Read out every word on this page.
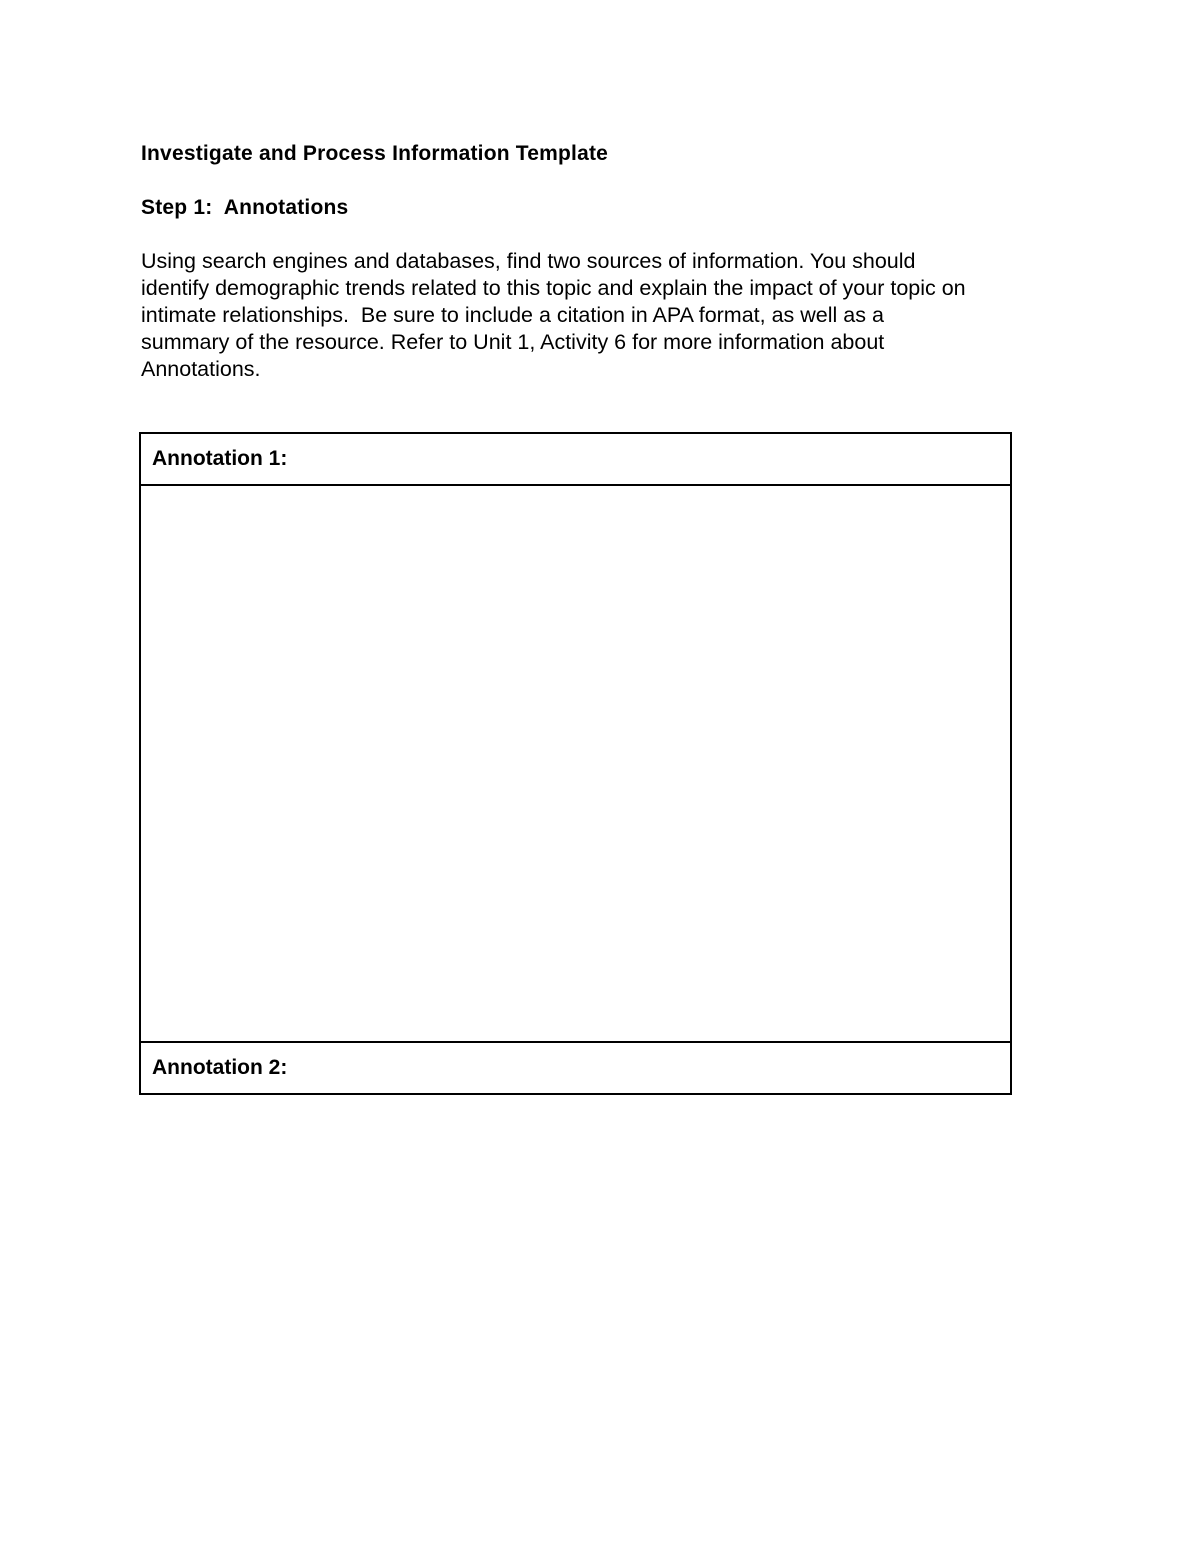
Investigate and Process Information Template
Step 1:  Annotations

Using search engines and databases, find two sources of information. You should
identify demographic trends related to this topic and explain the impact of your topic on
intimate relationships.  Be sure to include a citation in APA format, as well as a
summary of the resource. Refer to Unit 1, Activity 6 for more information about
Annotations.

Annotation 1:

Annotation 2:
